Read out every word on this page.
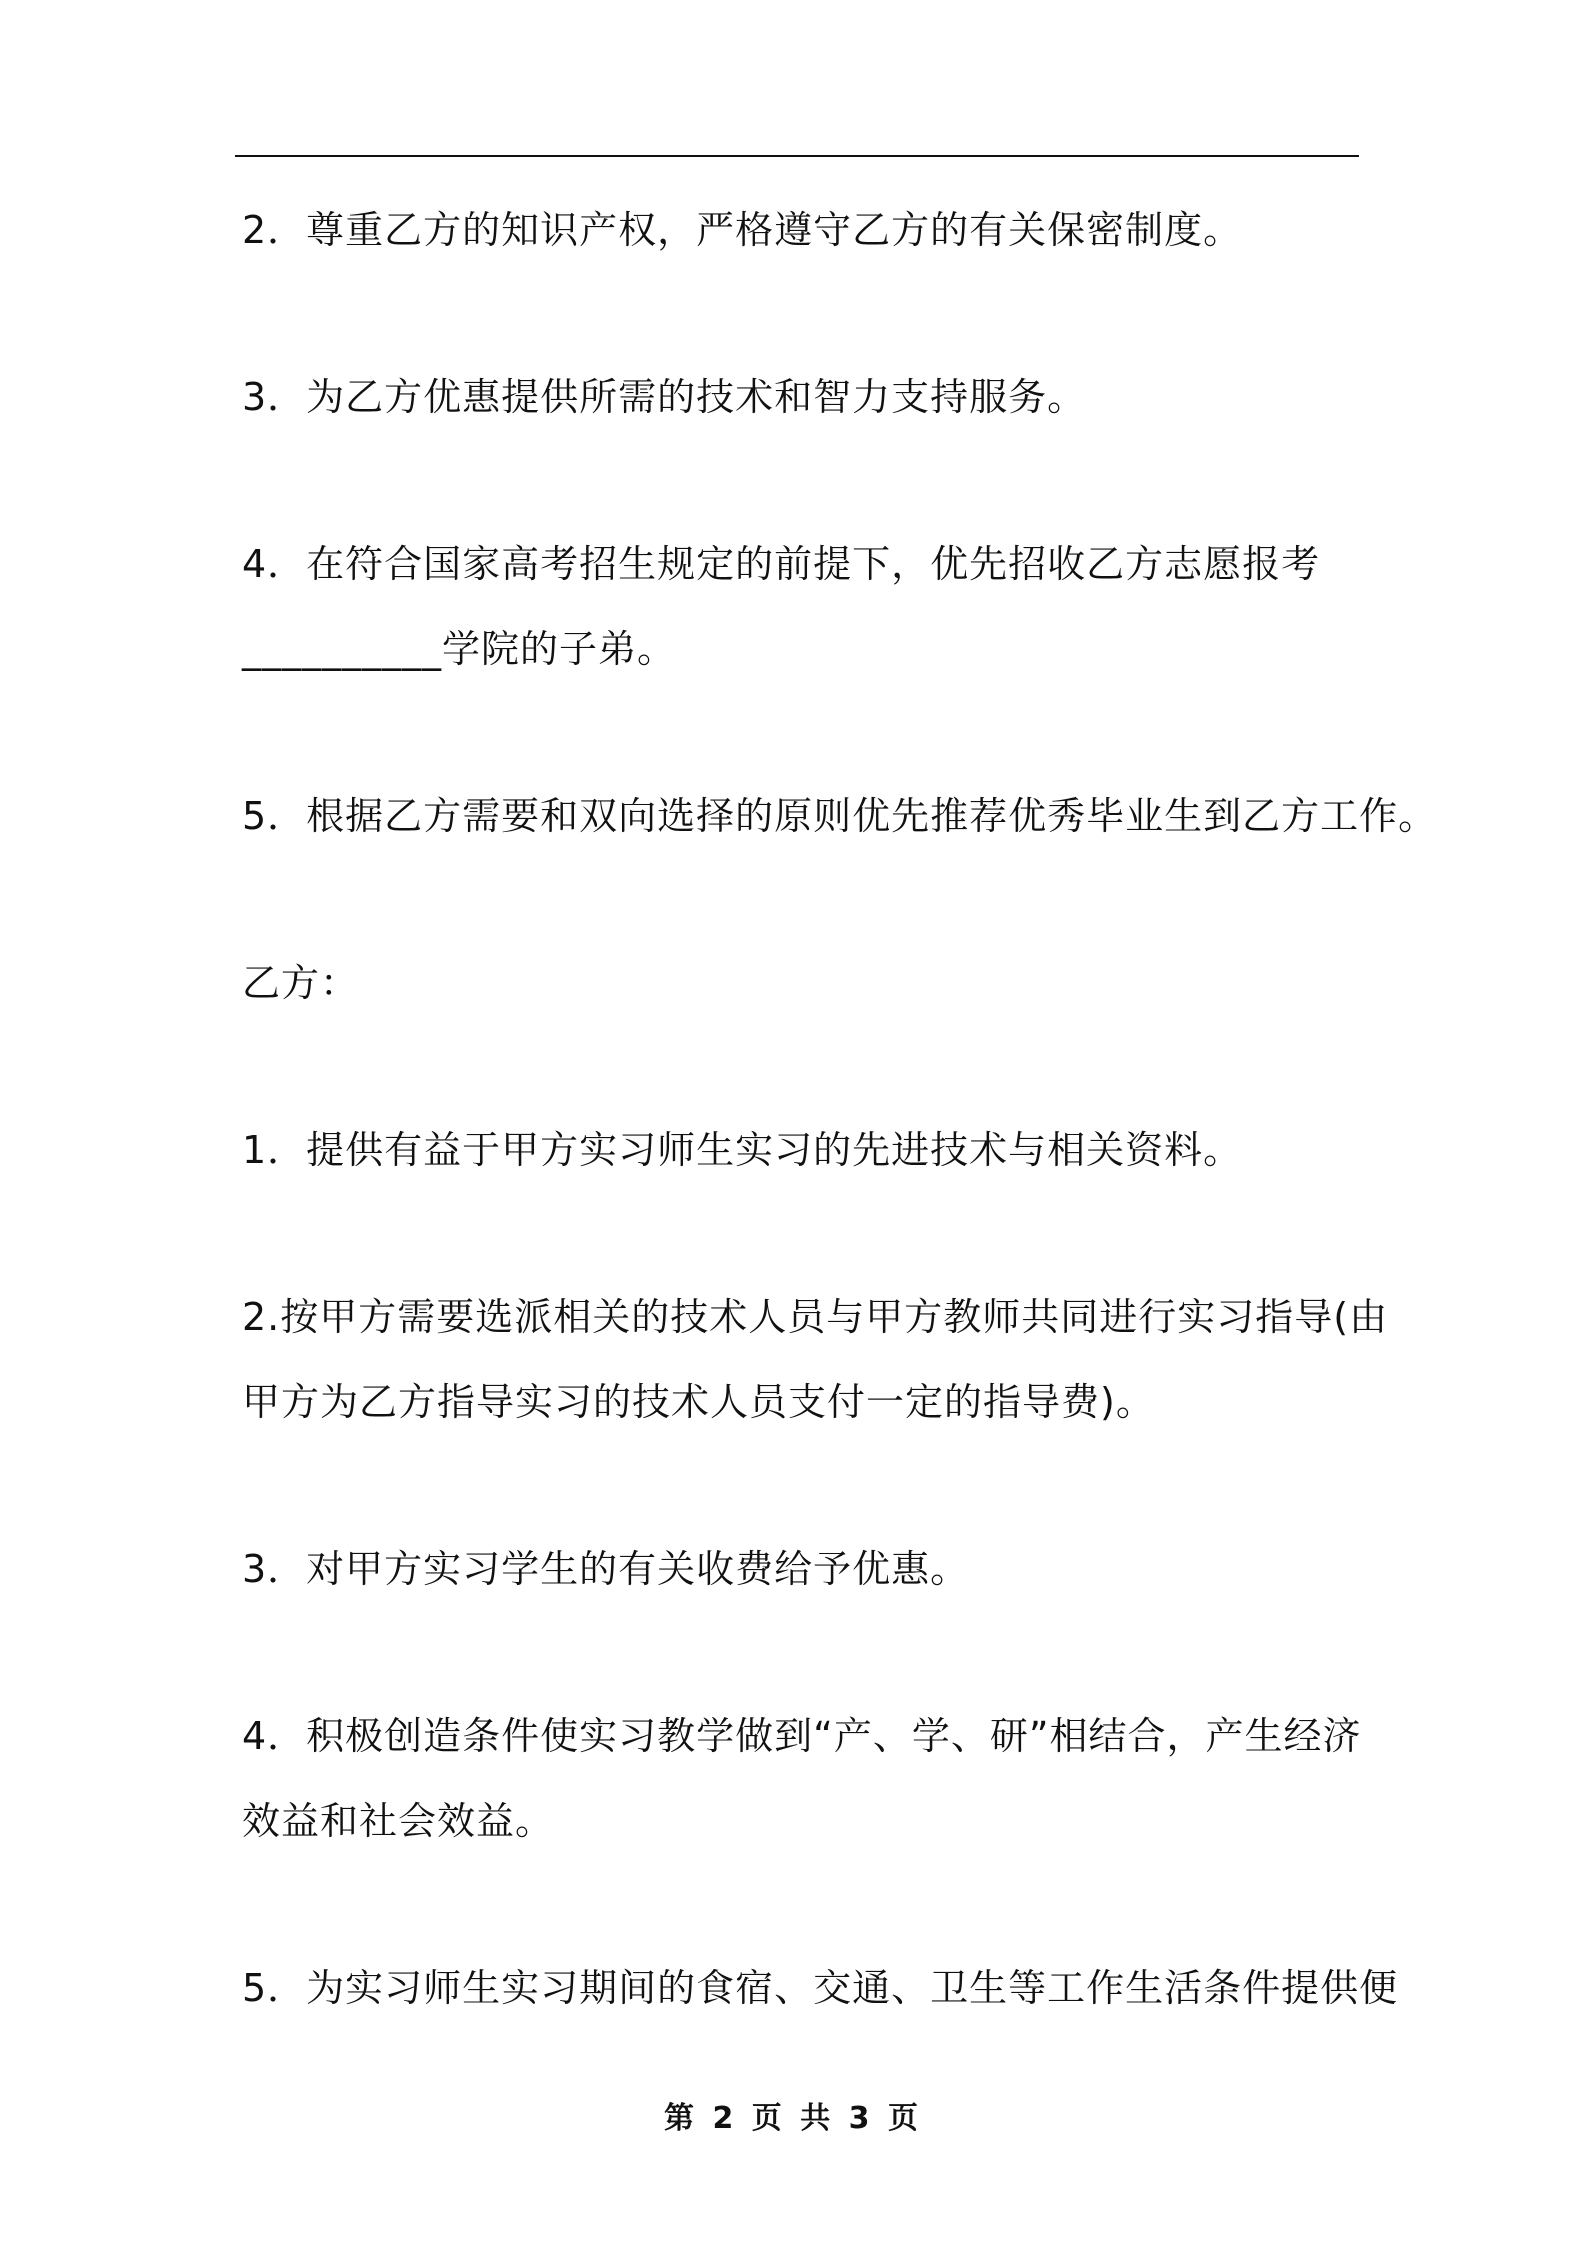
2．尊重乙方的知识产权，严格遵守乙方的有关保密制度。
3．为乙方优惠提供所需的技术和智力支持服务。
4．在符合国家高考招生规定的前提下，优先招收乙方志愿报考
__________学院的子弟。
5．根据乙方需要和双向选择的原则优先推荐优秀毕业生到乙方工作。
乙方：
1．提供有益于甲方实习师生实习的先进技术与相关资料。
2.按甲方需要选派相关的技术人员与甲方教师共同进行实习指导(由
甲方为乙方指导实习的技术人员支付一定的指导费)。
3．对甲方实习学生的有关收费给予优惠。
4．积极创造条件使实习教学做到“产、学、研”相结合，产生经济
效益和社会效益。
5．为实习师生实习期间的食宿、交通、卫生等工作生活条件提供便
第 2 页 共 3 页
